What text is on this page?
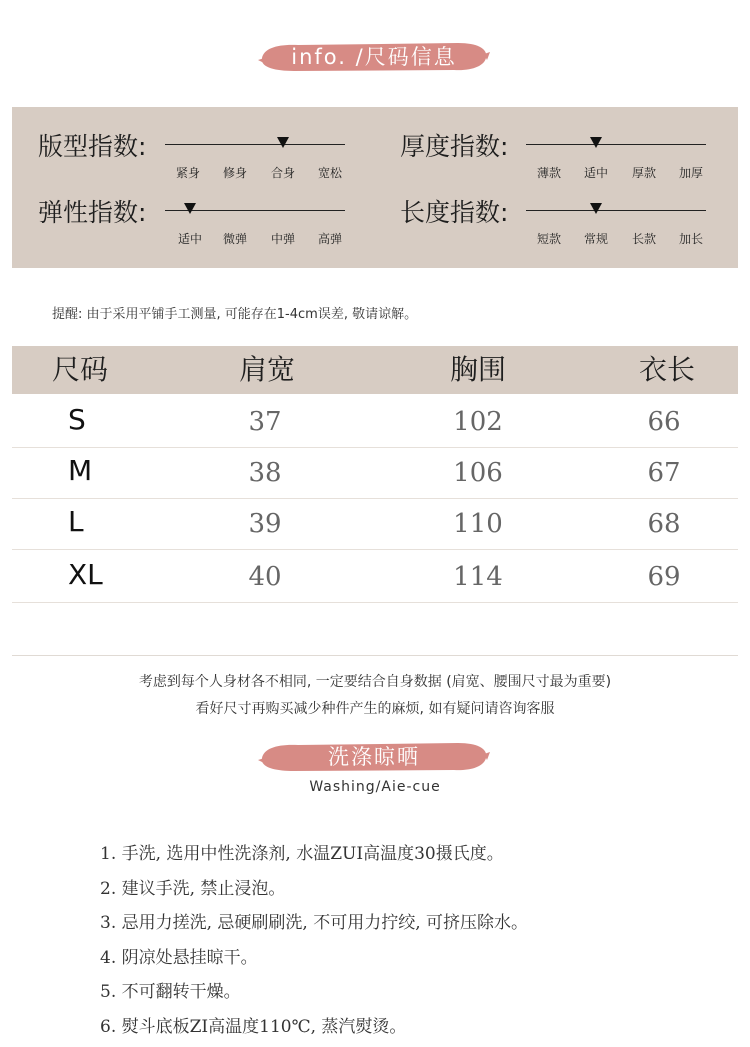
info. /尺码信息
版型指数:
紧身 修身 合身 宽松
厚度指数:
薄款 适中 厚款 加厚
弹性指数:
适中 微弹 中弹 高弹
长度指数:
短款 常规 长款 加长
提醒: 由于采用平铺手工测量, 可能存在1-4cm误差, 敬请谅解。
尺码	肩宽	胸围	衣长
S	37	102	66
M	38	106	67
L	39	110	68
XL	40	114	69
考虑到每个人身材各不相同, 一定要结合自身数据 (肩宽、腰围尺寸最为重要)
看好尺寸再购买减少种件产生的麻烦, 如有疑问请咨询客服
洗涤晾晒
Washing/Aie-cue
1. 手洗, 选用中性洗涤剂, 水温ZUI高温度30摄氏度。
2. 建议手洗, 禁止浸泡。
3. 忌用力搓洗, 忌硬刷刷洗, 不可用力拧绞, 可挤压除水。
4. 阴凉处悬挂晾干。
5. 不可翻转干燥。
6. 熨斗底板ZI高温度110℃, 蒸汽熨烫。
